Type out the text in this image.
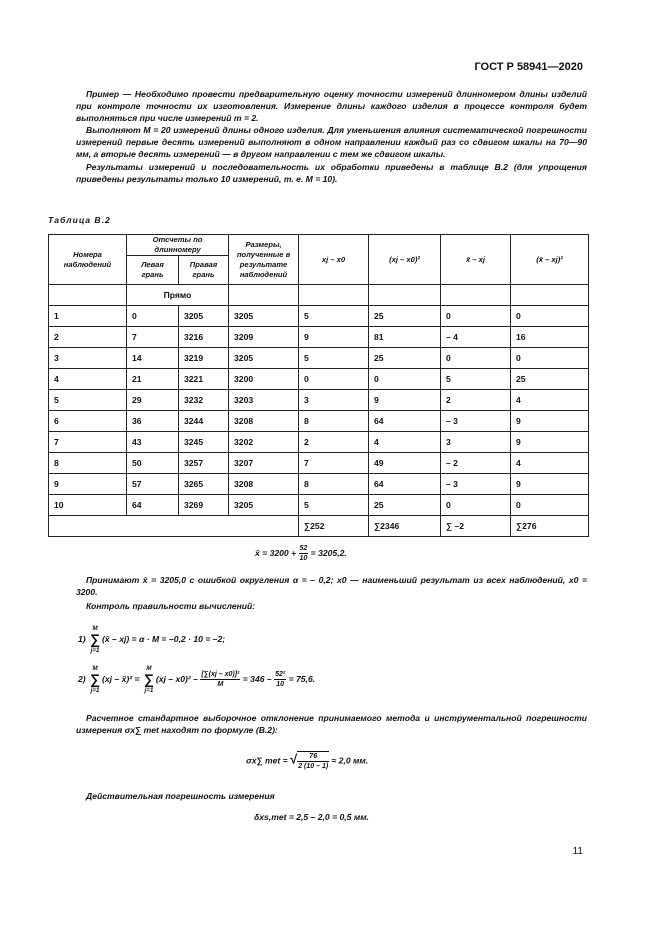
ГОСТ Р 58941—2020

Пример — Необходимо провести предварительную оценку точности измерений длинномером длины изделий при контроле точности их изготовления. Измерение длины каждого изделия в процессе контроля будет выполняться при числе измерений m = 2.

Выполняют M = 20 измерений длины одного изделия. Для уменьшения влияния систематической погрешности измерений первые десять измерений выполняют в одном направлении каждый раз со сдвигом шкалы на 70—90 мм, а вторые десять измерений — в другом направлении с тем же сдвигом шкалы.

Результаты измерений и последовательность их обработки приведены в таблице В.2 (для упрощения приведены результаты только 10 измерений, т. е. M = 10).

Таблица В.2
Номера наблюдений	Отсчеты по длинномеру		Размеры, полученные в результате наблюдений	xj – x0	(xj – x0)²	x̄ – xj	(x̄ – xj)²
	Левая грань	Правая грань					
	Прямо						
1	0	3205	3205	5	25	0	0
2	7	3216	3209	9	81	– 4	16
3	14	3219	3205	5	25	0	0
4	21	3221	3200	0	0	5	25
5	29	3232	3203	3	9	2	4
6	36	3244	3208	8	64	– 3	9
7	43	3245	3202	2	4	3	9
8	50	3257	3207	7	49	– 2	4
9	57	3265	3208	8	64	– 3	9
10	64	3269	3205	5	25	0	0
				∑252	∑2346	∑ –2	∑276
x̄ = $3200 + \frac{52}{10} = 3205,2$.

Принимают x̄ = 3205,0 с ошибкой округления α = – 0,2; x0 — наименьший результат из всех наблюдений, x0 = 3200.

Контроль правильности вычислений:

1) M
∑
j=1(x̄ – xj) = α · M = –0,2 · 10 = –2;
2) M
∑
j=1(xj – x̄)² = M
∑
$j=1(xj - x0)^2 - \frac{\text{[∑(xj – x0)]²}}{M} = 346 - \frac{\text{52²}}{10} = 75,6$.

Расчетное стандартное выборочное отклонение принимаемого метода и инструментальной погрешности измерения σx∑ met находят по формуле (В.2):

σx∑ met = √ $\frac{76}{2 (10 - 1)} \approx 2,0$ мм.

Действительная погрешность измерения

δxs,met = 2,5 – 2,0 = 0,5 мм.
11
